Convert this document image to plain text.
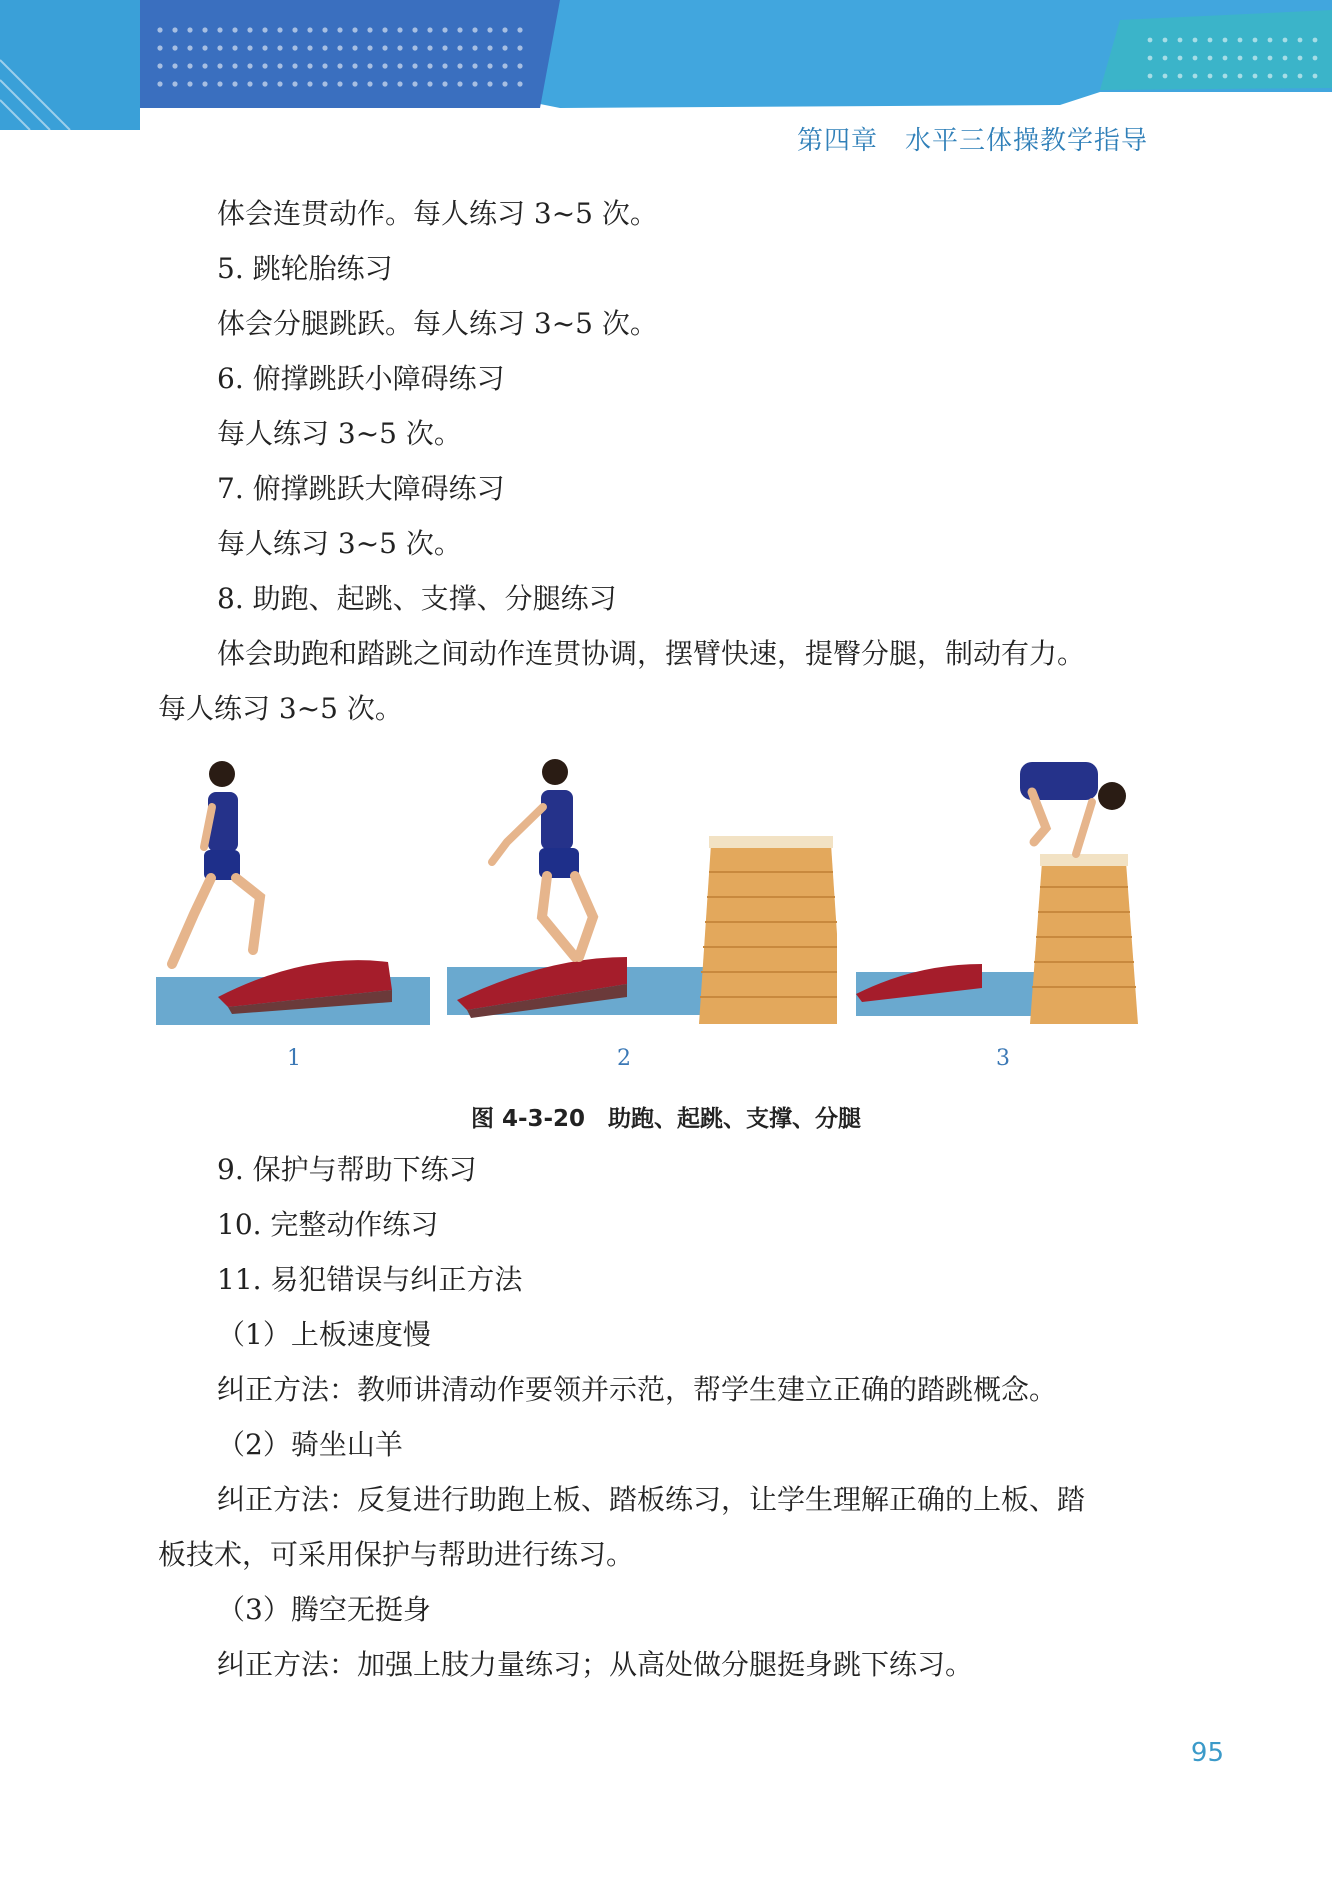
第四章　 水平三体操教学指导
体会连贯动作。每人练习 3~5 次。
5. 跳轮胎练习
体会分腿跳跃。每人练习 3~5 次。
6. 俯撑跳跃小障碍练习
每人练习 3~5 次。
7. 俯撑跳跃大障碍练习
每人练习 3~5 次。
8. 助跑、起跳、支撑、分腿练习
体会助跑和踏跳之间动作连贯协调，摆臂快速，提臀分腿，制动有力。
每人练习 3~5 次。
1	2	3
图 4-3-20　助跑、起跳、支撑、分腿
9. 保护与帮助下练习
10. 完整动作练习
11. 易犯错误与纠正方法
（1）上板速度慢
纠正方法：教师讲清动作要领并示范，帮学生建立正确的踏跳概念。
（2）骑坐山羊
纠正方法：反复进行助跑上板、踏板练习，让学生理解正确的上板、踏
板技术，可采用保护与帮助进行练习。
（3）腾空无挺身
纠正方法：加强上肢力量练习；从高处做分腿挺身跳下练习。
95
